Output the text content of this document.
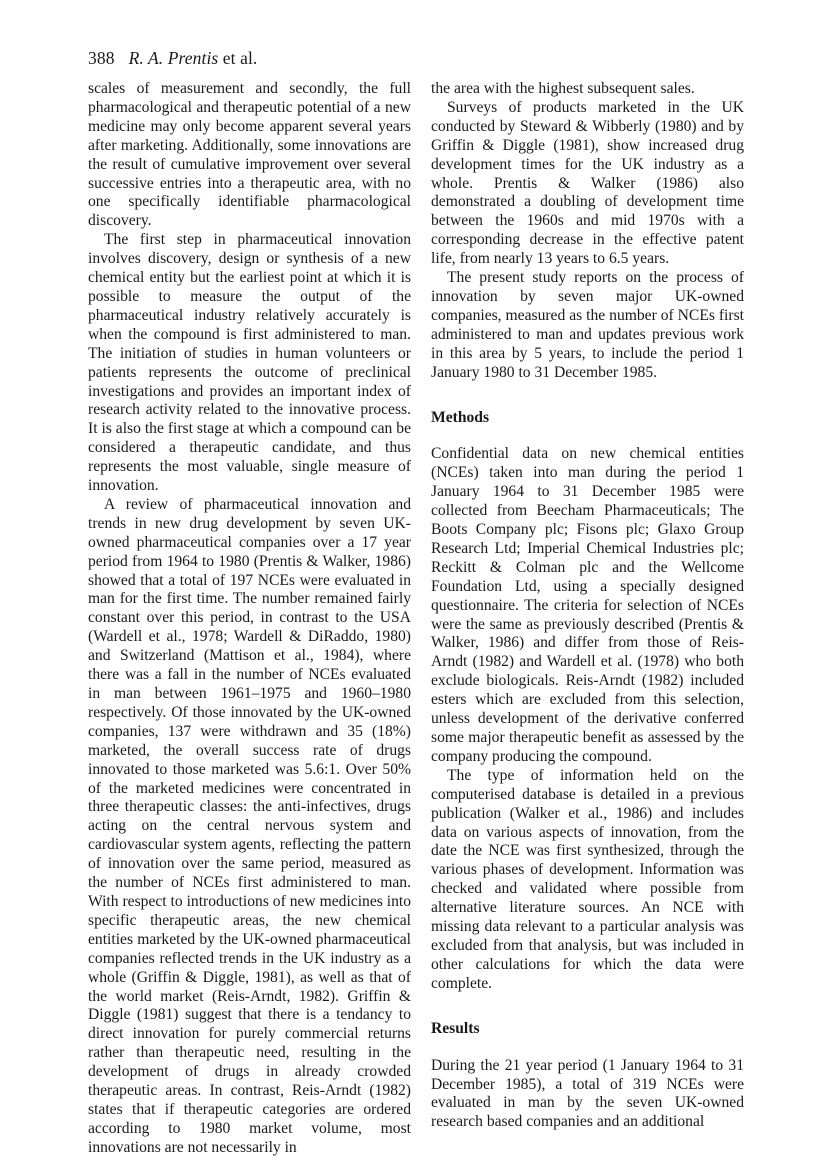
388 R. A. Prentis et al.

scales of measurement and secondly, the full pharmacological and therapeutic potential of a new medicine may only become apparent several years after marketing. Additionally, some innovations are the result of cumulative improvement over several successive entries into a therapeutic area, with no one specifically identifiable pharmacological discovery.

The first step in pharmaceutical innovation involves discovery, design or synthesis of a new chemical entity but the earliest point at which it is possible to measure the output of the pharmaceutical industry relatively accurately is when the compound is first administered to man. The initiation of studies in human volunteers or patients represents the outcome of preclinical investigations and provides an important index of research activity related to the innovative process. It is also the first stage at which a compound can be considered a therapeutic candidate, and thus represents the most valuable, single measure of innovation.

A review of pharmaceutical innovation and trends in new drug development by seven UK-owned pharmaceutical companies over a 17 year period from 1964 to 1980 (Prentis & Walker, 1986) showed that a total of 197 NCEs were evaluated in man for the first time. The number remained fairly constant over this period, in contrast to the USA (Wardell et al., 1978; Wardell & DiRaddo, 1980) and Switzerland (Mattison et al., 1984), where there was a fall in the number of NCEs evaluated in man between 1961–1975 and 1960–1980 respectively. Of those innovated by the UK-owned companies, 137 were withdrawn and 35 (18%) marketed, the overall success rate of drugs innovated to those marketed was 5.6:1. Over 50% of the marketed medicines were concentrated in three therapeutic classes: the anti-infectives, drugs acting on the central nervous system and cardiovascular system agents, reflecting the pattern of innovation over the same period, measured as the number of NCEs first administered to man. With respect to introductions of new medicines into specific therapeutic areas, the new chemical entities marketed by the UK-owned pharmaceutical companies reflected trends in the UK industry as a whole (Griffin & Diggle, 1981), as well as that of the world market (Reis-Arndt, 1982). Griffin & Diggle (1981) suggest that there is a tendancy to direct innovation for purely commercial returns rather than therapeutic need, resulting in the development of drugs in already crowded therapeutic areas. In contrast, Reis-Arndt (1982) states that if therapeutic categories are ordered according to 1980 market volume, most innovations are not necessarily in

the area with the highest subsequent sales.

Surveys of products marketed in the UK conducted by Steward & Wibberly (1980) and by Griffin & Diggle (1981), show increased drug development times for the UK industry as a whole. Prentis & Walker (1986) also demonstrated a doubling of development time between the 1960s and mid 1970s with a corresponding decrease in the effective patent life, from nearly 13 years to 6.5 years.

The present study reports on the process of innovation by seven major UK-owned companies, measured as the number of NCEs first administered to man and updates previous work in this area by 5 years, to include the period 1 January 1980 to 31 December 1985.

Methods

Confidential data on new chemical entities (NCEs) taken into man during the period 1 January 1964 to 31 December 1985 were collected from Beecham Pharmaceuticals; The Boots Company plc; Fisons plc; Glaxo Group Research Ltd; Imperial Chemical Industries plc; Reckitt & Colman plc and the Wellcome Foundation Ltd, using a specially designed questionnaire. The criteria for selection of NCEs were the same as previously described (Prentis & Walker, 1986) and differ from those of Reis-Arndt (1982) and Wardell et al. (1978) who both exclude biologicals. Reis-Arndt (1982) included esters which are excluded from this selection, unless development of the derivative conferred some major therapeutic benefit as assessed by the company producing the compound.

The type of information held on the computerised database is detailed in a previous publication (Walker et al., 1986) and includes data on various aspects of innovation, from the date the NCE was first synthesized, through the various phases of development. Information was checked and validated where possible from alternative literature sources. An NCE with missing data relevant to a particular analysis was excluded from that analysis, but was included in other calculations for which the data were complete.

Results

During the 21 year period (1 January 1964 to 31 December 1985), a total of 319 NCEs were evaluated in man by the seven UK-owned research based companies and an additional
